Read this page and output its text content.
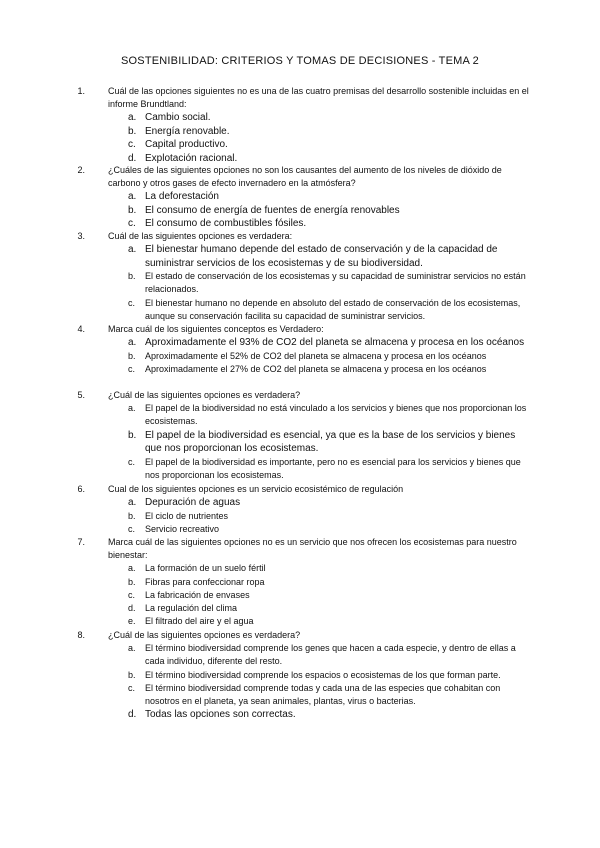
SOSTENIBILIDAD: CRITERIOS Y TOMAS DE DECISIONES - TEMA 2
1.	Cuál de las opciones siguientes no es una de las cuatro premisas del desarrollo sostenible incluidas en el informe Brundtland:
a. Cambio social.
b. Energía renovable.
c. Capital productivo.
d. Explotación racional.
2.	¿Cuáles de las siguientes opciones no son los causantes del aumento de los niveles de dióxido de carbono y otros gases de efecto invernadero en la atmósfera?
a. La deforestación
b. El consumo de energía de fuentes de energía renovables
c. El consumo de combustibles fósiles.
3.	Cuál de las siguientes opciones es verdadera:
a. El bienestar humano depende del estado de conservación y de la capacidad de suministrar servicios de los ecosistemas y de su biodiversidad.
b. El estado de conservación de los ecosistemas y su capacidad de suministrar servicios no están relacionados.
c. El bienestar humano no depende en absoluto del estado de conservación de los ecosistemas, aunque su conservación facilita su capacidad de suministrar servicios.
4.	Marca cuál de los siguientes conceptos es Verdadero:
a. Aproximadamente el 93% de CO2 del planeta se almacena y procesa en los océanos
b. Aproximadamente el 52% de CO2 del planeta se almacena y procesa en los océanos
c. Aproximadamente el 27% de CO2 del planeta se almacena y procesa en los océanos
5.	¿Cuál de las siguientes opciones es verdadera?
a. El papel de la biodiversidad no está vinculado a los servicios y bienes que nos proporcionan los ecosistemas.
b. El papel de la biodiversidad es esencial, ya que es la base de los servicios y bienes que nos proporcionan los ecosistemas.
c. El papel de la biodiversidad es importante, pero no es esencial para los servicios y bienes que nos proporcionan los ecosistemas.
6.	Cual de los siguientes opciones es un servicio ecosistémico de regulación
a. Depuración de aguas
b. El ciclo de nutrientes
c. Servicio recreativo
7.	Marca cuál de las siguientes opciones no es un servicio que nos ofrecen los ecosistemas para nuestro bienestar:
a. La formación de un suelo fértil
b. Fibras para confeccionar ropa
c. La fabricación de envases
d. La regulación del clima
e. El filtrado del aire y el agua
8.	¿Cuál de las siguientes opciones es verdadera?
a. El término biodiversidad comprende los genes que hacen a cada especie, y dentro de ellas a cada individuo, diferente del resto.
b. El término biodiversidad comprende los espacios o ecosistemas de los que forman parte.
c. El término biodiversidad comprende todas y cada una de las especies que cohabitan con nosotros en el planeta, ya sean animales, plantas, virus o bacterias.
d. Todas las opciones son correctas.
